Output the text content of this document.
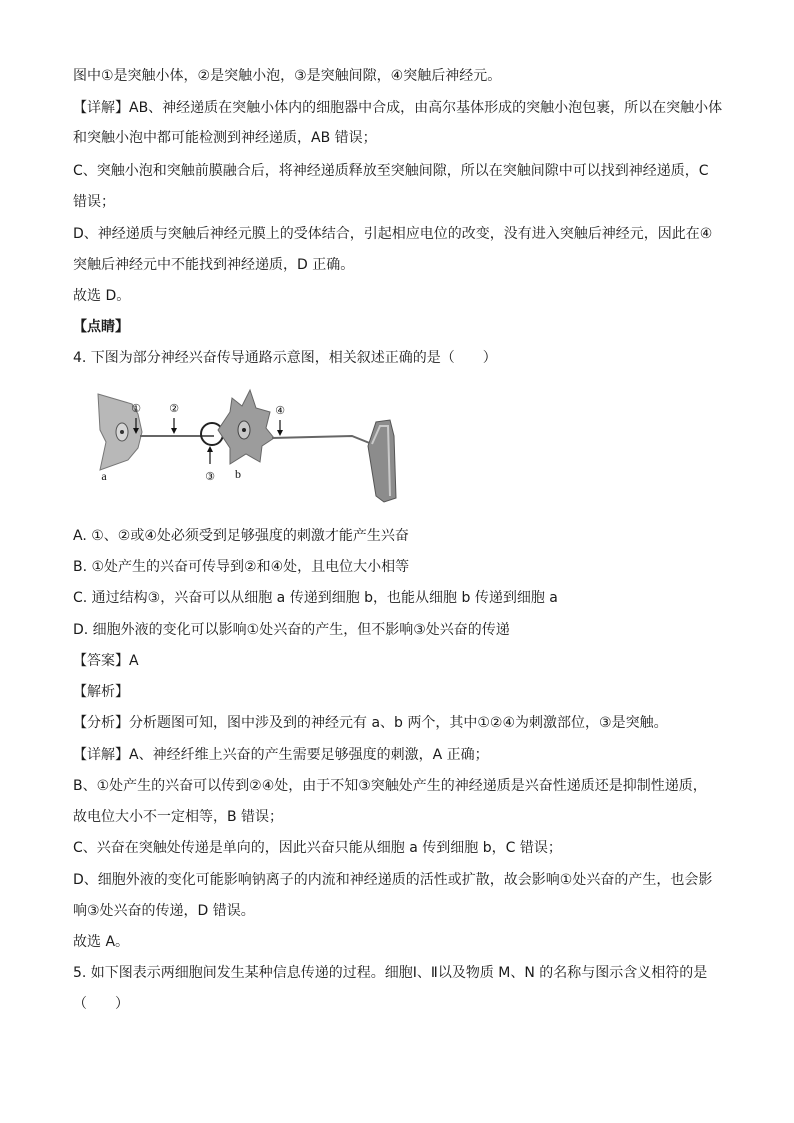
图中①是突触小体，②是突触小泡，③是突触间隙，④突触后神经元。
【详解】AB、神经递质在突触小体内的细胞器中合成，由高尔基体形成的突触小泡包裹，所以在突触小体
和突触小泡中都可能检测到神经递质，AB 错误；
C、突触小泡和突触前膜融合后，将神经递质释放至突触间隙，所以在突触间隙中可以找到神经递质，C
错误；
D、神经递质与突触后神经元膜上的受体结合，引起相应电位的改变，没有进入突触后神经元，因此在④
突触后神经元中不能找到神经递质，D 正确。
故选 D。
【点睛】
4. 下图为部分神经兴奋传导通路示意图，相关叙述正确的是（　　）
①	②
③
④
a	b
A. ①、②或④处必须受到足够强度的刺激才能产生兴奋
B. ①处产生的兴奋可传导到②和④处，且电位大小相等
C. 通过结构③，兴奋可以从细胞 a 传递到细胞 b，也能从细胞 b 传递到细胞 a
D. 细胞外液的变化可以影响①处兴奋的产生，但不影响③处兴奋的传递
【答案】A
【解析】
【分析】分析题图可知，图中涉及到的神经元有 a、b 两个，其中①②④为刺激部位，③是突触。
【详解】A、神经纤维上兴奋的产生需要足够强度的刺激，A 正确；
B、①处产生的兴奋可以传到②④处，由于不知③突触处产生的神经递质是兴奋性递质还是抑制性递质，
故电位大小不一定相等，B 错误；
C、兴奋在突触处传递是单向的，因此兴奋只能从细胞 a 传到细胞 b，C 错误；
D、细胞外液的变化可能影响钠离子的内流和神经递质的活性或扩散，故会影响①处兴奋的产生，也会影
响③处兴奋的传递，D 错误。
故选 A。
5. 如下图表示两细胞间发生某种信息传递的过程。细胞Ⅰ、Ⅱ以及物质 M、N 的名称与图示含义相符的是
（　　）
